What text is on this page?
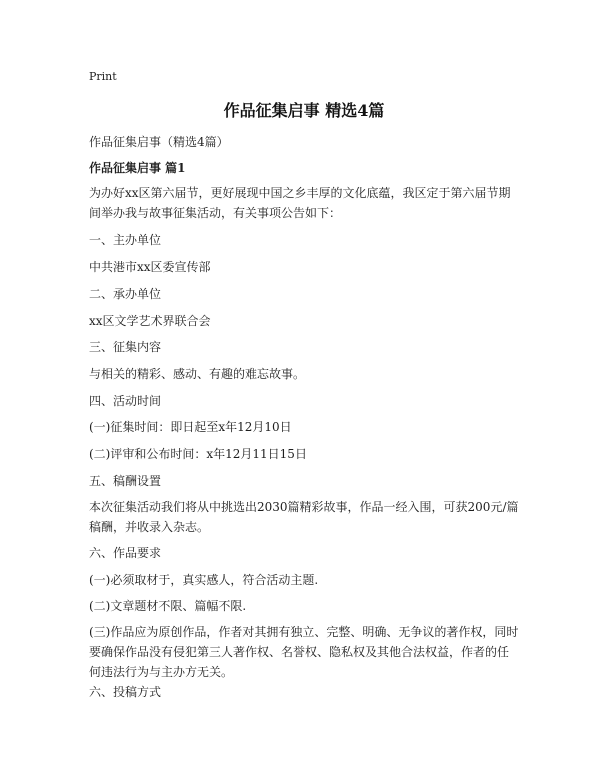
Print
作品征集启事 精选4篇
作品征集启事（精选4篇）
作品征集启事 篇1
为办好xx区第六届节，更好展现中国之乡丰厚的文化底蕴，我区定于第六届节期间举办我与故事征集活动，有关事项公告如下：
一、主办单位
中共港市xx区委宣传部
二、承办单位
xx区文学艺术界联合会
三、征集内容
与相关的精彩、感动、有趣的难忘故事。
四、活动时间
(一)征集时间：即日起至x年12月10日
(二)评审和公布时间：x年12月11日15日
五、稿酬设置
本次征集活动我们将从中挑选出2030篇精彩故事，作品一经入围，可获200元/篇稿酬，并收录入杂志。
六、作品要求
(一)必须取材于，真实感人，符合活动主题.
(二)文章题材不限、篇幅不限.
(三)作品应为原创作品，作者对其拥有独立、完整、明确、无争议的著作权，同时要确保作品没有侵犯第三人著作权、名誉权、隐私权及其他合法权益，作者的任何违法行为与主办方无关。
六、投稿方式
